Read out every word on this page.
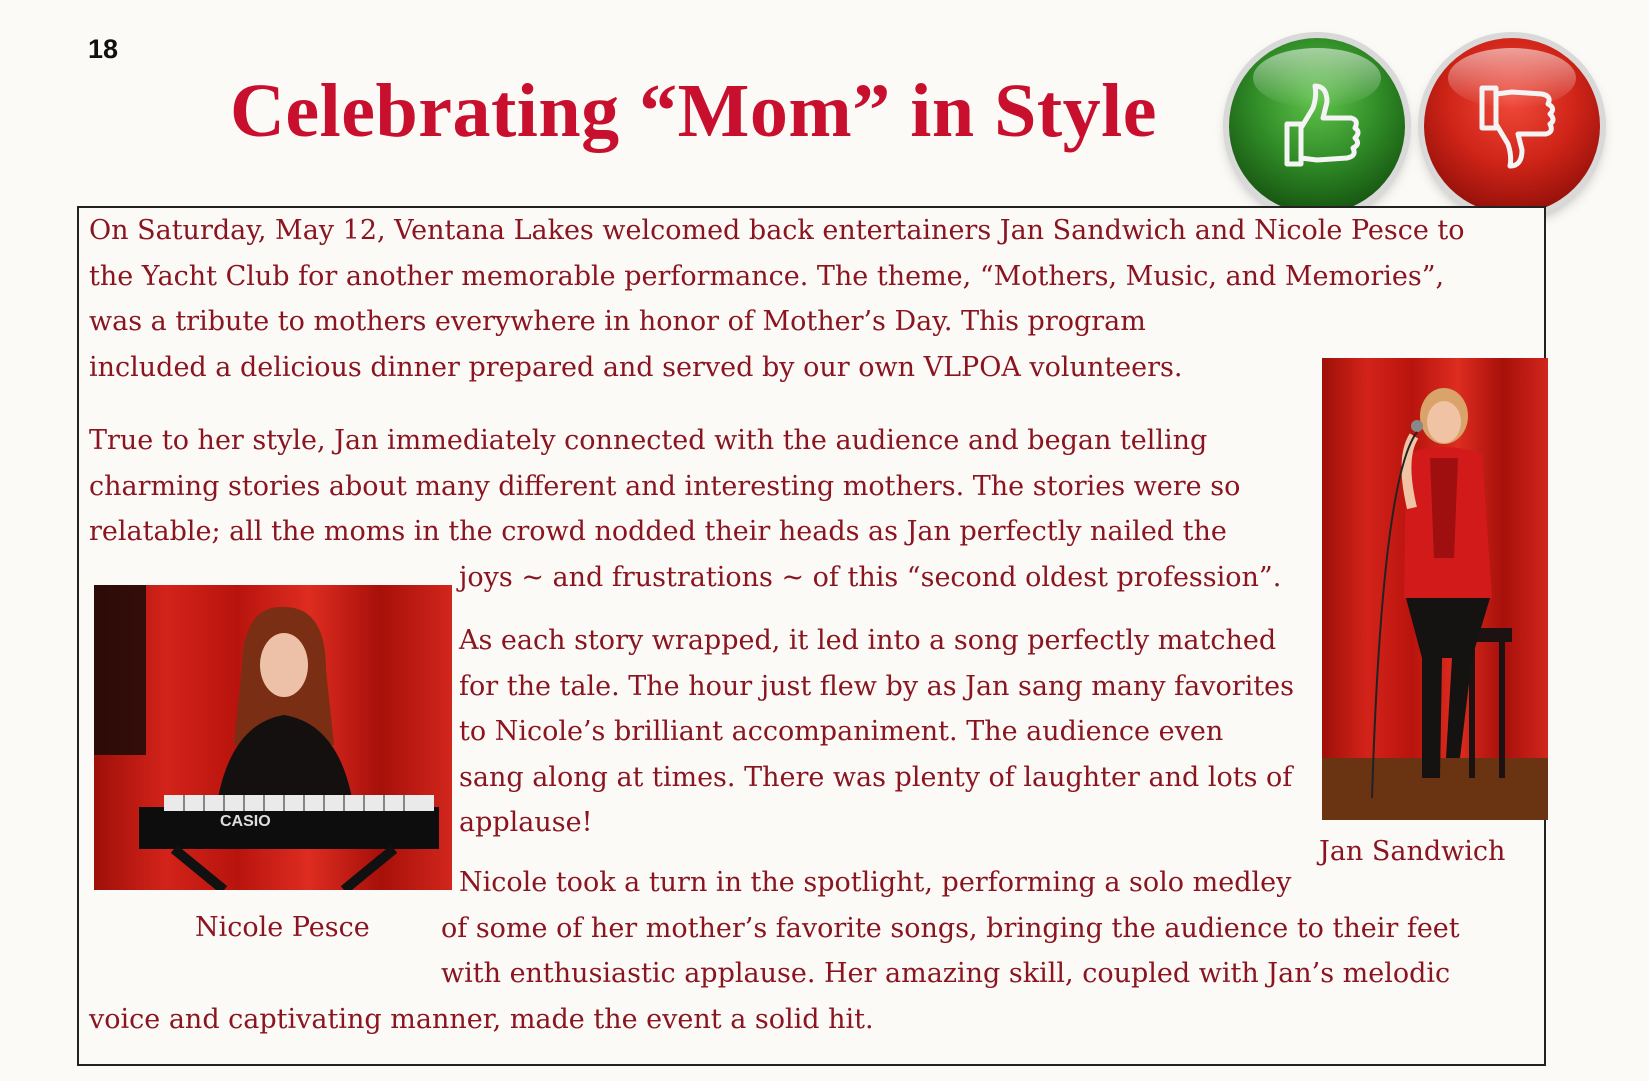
18
Celebrating “Mom” in Style
On Saturday, May 12, Ventana Lakes welcomed back entertainers Jan Sandwich and Nicole Pesce to
the Yacht Club for another memorable performance. The theme, “Mothers, Music, and Memories”,
was a tribute to mothers everywhere in honor of Mother’s Day. This program
included a delicious dinner prepared and served by our own VLPOA volunteers.
True to her style, Jan immediately connected with the audience and began telling
charming stories about many different and interesting mothers. The stories were so
relatable; all the moms in the crowd nodded their heads as Jan perfectly nailed the
joys ~ and frustrations ~ of this “second oldest profession”.
As each story wrapped, it led into a song perfectly matched
for the tale. The hour just flew by as Jan sang many favorites
to Nicole’s brilliant accompaniment. The audience even
sang along at times. There was plenty of laughter and lots of
applause!
Nicole took a turn in the spotlight, performing a solo medley
of some of her mother’s favorite songs, bringing the audience to their feet
with enthusiastic applause. Her amazing skill, coupled with Jan’s melodic
voice and captivating manner, made the event a solid hit.
CASIO
Nicole Pesce
Jan Sandwich
